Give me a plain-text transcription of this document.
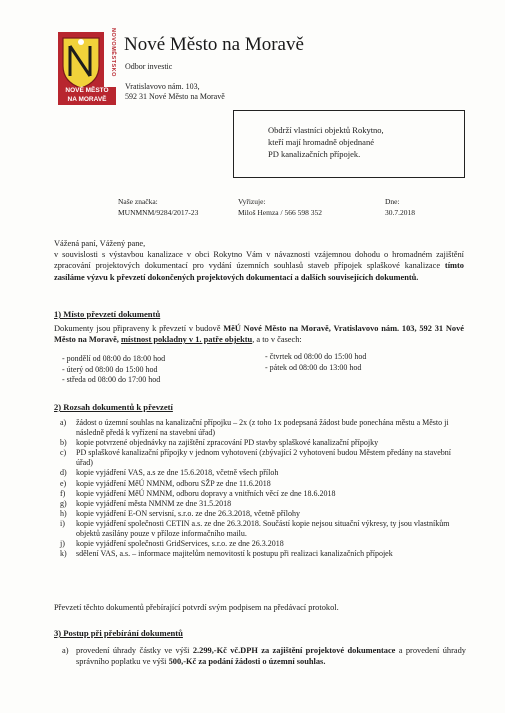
NOVOMĚSTSKO
NOVÉ MĚSTO
NA MORAVĚ
Nové Město na Moravě
Odbor investic
Vratislavovo nám. 103,
592 31 Nové Město na Moravě
Obdrží vlastníci objektů Rokytno,
kteří mají hromadně objednané
PD kanalizačních přípojek.
Naše značka:
MUNMNM/9284/2017-23
Vyřizuje:
Miloš Hemza / 566 598 352
Dne:
30.7.2018
Vážená paní, Vážený pane,
v souvislosti s výstavbou kanalizace v obci Rokytno Vám v návaznosti vzájemnou dohodu o hromadném zajištění zpracování projektových dokumentací pro vydání územních souhlasů staveb přípojek splaškové kanalizace tímto zasíláme výzvu k převzetí dokončených projektových dokumentací a dalších souvisejících dokumentů.
1) Místo převzetí dokumentů
Dokumenty jsou připraveny k převzetí v budově MěÚ Nové Město na Moravě, Vratislavovo nám. 103, 592 31 Nové Město na Moravě, místnost pokladny v 1. patře objektu, a to v časech:
- pondělí od 08:00 do 18:00 hod
- úterý od 08:00 do 15:00 hod
- středa od 08:00 do 17:00 hod
- čtvrtek od 08:00 do 15:00 hod
- pátek od 08:00 do 13:00 hod
2) Rozsah dokumentů k převzetí
a) žádost o územní souhlas na kanalizační přípojku – 2x (z toho 1x podepsaná žádost bude ponechána městu a Město ji následně předá k vyřízení na stavební úřad)
b) kopie potvrzené objednávky na zajištění zpracování PD stavby splaškové kanalizační přípojky
c) PD splaškové kanalizační přípojky v jednom vyhotovení (zbývající 2 vyhotovení budou Městem předány na stavební úřad)
d) kopie vyjádření VAS, a.s ze dne 15.6.2018, včetně všech příloh
e) kopie vyjádření MěÚ NMNM, odboru SŽP ze dne 11.6.2018
f) kopie vyjádření MěÚ NMNM, odboru dopravy a vnitřních věcí ze dne 18.6.2018
g) kopie vyjádření města NMNM ze dne 31.5.2018
h) kopie vyjádření E-ON servisní, s.r.o. ze dne 26.3.2018, včetně přílohy
i) kopie vyjádření společnosti CETIN a.s. ze dne 26.3.2018. Součástí kopie nejsou situační výkresy, ty jsou vlastníkům objektů zasílány pouze v příloze informačního mailu.
j) kopie vyjádření společnosti GridServices, s.r.o. ze dne 26.3.2018
k) sdělení VAS, a.s. – informace majitelům nemovitostí k postupu při realizaci kanalizačních přípojek
Převzetí těchto dokumentů přebírající potvrdí svým podpisem na předávací protokol.
3) Postup při přebírání dokumentů
a) provedení úhrady částky ve výši 2.299,-Kč vč.DPH za zajištění projektové dokumentace a provedení úhrady správního poplatku ve výši 500,-Kč za podání žádosti o územní souhlas.
